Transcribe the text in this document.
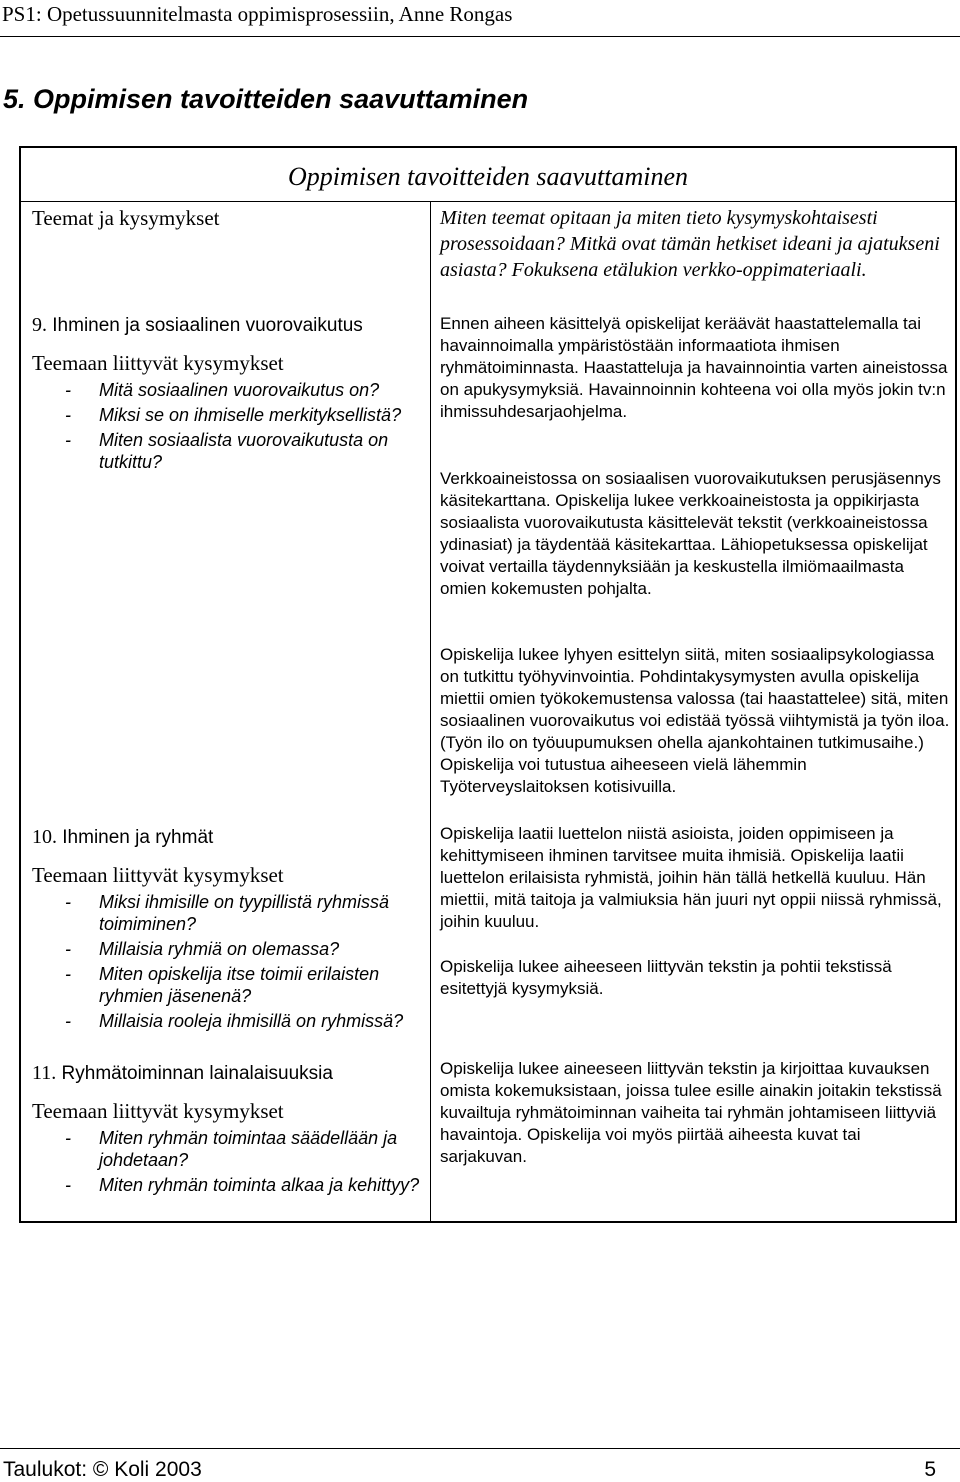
PS1: Opetussuunnitelmasta oppimisprosessiin, Anne Rongas
5. Oppimisen tavoitteiden saavuttaminen
Oppimisen tavoitteiden saavuttaminen
Teemat ja kysymykset	Miten teemat opitaan ja miten tieto kysymyskohtaisesti prosessoidaan? Mitkä ovat tämän hetkiset ideani ja ajatukseni asiasta? Fokuksena etälukion verkko-oppimateriaali.
9. Ihminen ja sosiaalinen vuorovaikutus
Teemaan liittyvät kysymykset
- Mitä sosiaalinen vuorovaikutus on?
- Miksi se on ihmiselle merkityksellistä?
- Miten sosiaalista vuorovaikutusta on tutkittu?
10. Ihminen ja ryhmät
Teemaan liittyvät kysymykset
- Miksi ihmisille on tyypillistä ryhmissä toimiminen?
- Millaisia ryhmiä on olemassa?
- Miten opiskelija itse toimii erilaisten ryhmien jäsenenä?
- Millaisia rooleja ihmisillä on ryhmissä?
11. Ryhmätoiminnan lainalaisuuksia
Teemaan liittyvät kysymykset
- Miten ryhmän toimintaa säädellään ja johdetaan?
- Miten ryhmän toiminta alkaa ja kehittyy?
Ennen aiheen käsittelyä opiskelijat keräävät haastattelemalla tai havainnoimalla ympäristöstään informaatiota ihmisen ryhmätoiminnasta. Haastatteluja ja havainnointia varten aineistossa on apukysymyksiä. Havainnoinnin kohteena voi olla myös jokin tv:n ihmissuhdesarjaohjelma.
Verkkoaineistossa on sosiaalisen vuorovaikutuksen perusjäsennys käsitekarttana. Opiskelija lukee verkkoaineistosta ja oppikirjasta sosiaalista vuorovaikutusta käsittelevät tekstit (verkkoaineistossa ydinasiat) ja täydentää käsitekarttaa. Lähiopetuksessa opiskelijat voivat vertailla täydennyksiään ja keskustella ilmiömaailmasta omien kokemusten pohjalta.
Opiskelija lukee lyhyen esittelyn siitä, miten sosiaalipsykologiassa on tutkittu työhyvinvointia. Pohdintakysymysten avulla opiskelija miettii omien työkokemustensa valossa (tai haastattelee) sitä, miten sosiaalinen vuorovaikutus voi edistää työssä viihtymistä ja työn iloa. (Työn ilo on työuupumuksen ohella ajankohtainen tutkimusaihe.) Opiskelija voi tutustua aiheeseen vielä lähemmin Työterveyslaitoksen kotisivuilla.
Opiskelija laatii luettelon niistä asioista, joiden oppimiseen ja kehittymiseen ihminen tarvitsee muita ihmisiä. Opiskelija laatii luettelon erilaisista ryhmistä, joihin hän tällä hetkellä kuuluu. Hän miettii, mitä taitoja ja valmiuksia hän juuri nyt oppii niissä ryhmissä, joihin kuuluu.
Opiskelija lukee aiheeseen liittyvän tekstin ja pohtii tekstissä esitettyjä kysymyksiä.
Opiskelija lukee aineeseen liittyvän tekstin ja kirjoittaa kuvauksen omista kokemuksistaan, joissa tulee esille ainakin joitakin tekstissä kuvailtuja ryhmätoiminnan vaiheita tai ryhmän johtamiseen liittyviä havaintoja. Opiskelija voi myös piirtää aiheesta kuvat tai sarjakuvan.
Taulukot: © Koli 2003	5
